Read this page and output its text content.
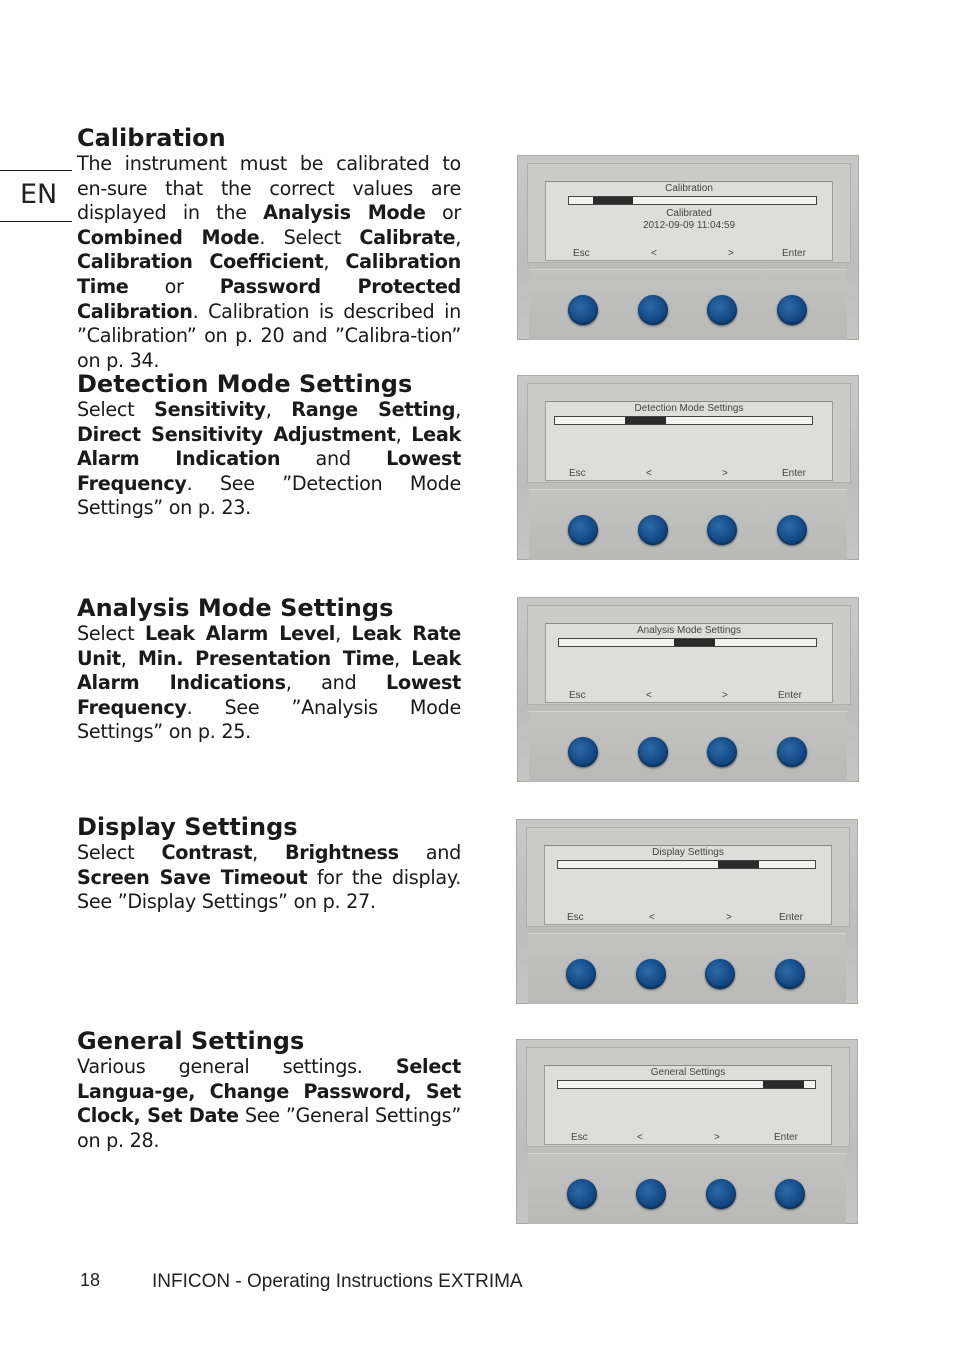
EN
Calibration

The instrument must be calibrated to en-sure that the correct values are displayed in the Analysis Mode or Combined Mode. Select Calibrate, Calibration Coefficient, Calibration Time or Password Protected Calibration. Calibration is described in ”Calibration” on p. 20 and ”Calibra-tion” on p. 34.

Detection Mode Settings

Select Sensitivity, Range Setting, Direct Sensitivity Adjustment, Leak Alarm Indication and Lowest Frequency. See ”Detection Mode Settings” on p. 23.

Analysis Mode Settings

Select Leak Alarm Level, Leak Rate Unit, Min. Presentation Time, Leak Alarm Indications, and Lowest Frequency. See ”Analysis Mode Settings” on p. 25.

Display Settings

Select Contrast, Brightness and Screen Save Timeout for the display. See ”Display Settings” on p. 27.

General Settings

Various general settings. Select Langua-ge, Change Password, Set Clock, Set Date See ”General Settings” on p. 28.

Calibration
Calibrated
2012-09-09 11:04:59
Esc	<	>	Enter
Detection Mode Settings
Esc	<	>	Enter
Analysis Mode Settings
Esc	<	>	Enter
Display Settings
Esc	<	>	Enter
General Settings
Esc	<	>	Enter
18	INFICON - Operating Instructions EXTRIMA
